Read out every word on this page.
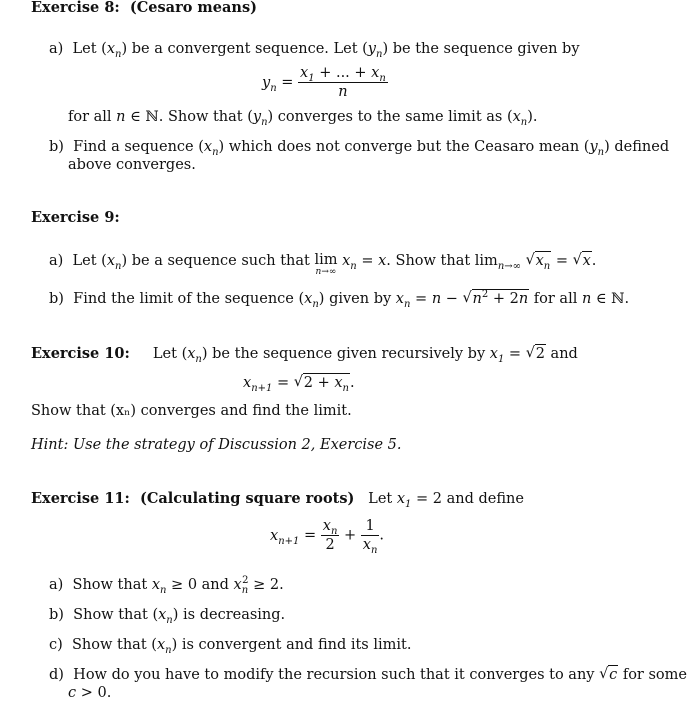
Exercise 8: (Cesaro means)
a) Let $(x_n)$ be a convergent sequence. Let $(y_n)$ be the sequence given by
$y_n = \frac{x_1 + ... + x_n}{n}$
for all n ∈ ℕ. Show that $(y_n)$ converges to the same limit as $(x_n)$.
b)  Find a sequence $(x_n)$ which does not converge but the Ceasaro mean $(y_n)$ defined
above converges.
Exercise 9:
a)  Let $(x_n)$ be a sequence such that lim
n→∞
$x_n = x$. Show that $\lim_{n\to\infty}$ √ $x_n$ = √ x.
b)  Find the limit of the sequence $(x_n)$ given by $x_n = n$ − √ $n^2 + 2n$ for all n ∈ ℕ.
Exercise 10:     Let $(x_n)$ be the sequence given recursively by $x_1$ = √ 2 and
$x_{n+1}$ = √ $2 + x_n$.
Show that (xₙ) converges and find the limit.
Hint: Use the strategy of Discussion 2, Exercise 5.
Exercise 11: (Calculating square roots)   Let $x_1 = 2$ and define
$x_{n+1} = \frac{x_n}{2} + \frac{1}{x_n}$ .
a)  Show that $x_n \ge 0$ and $x_n^2 \ge 2$.
b)  Show that $(x_n)$ is decreasing.
c)  Show that $(x_n)$ is convergent and find its limit.
d)  How do you have to modify the recursion such that it converges to any √ c for some
c > 0.
